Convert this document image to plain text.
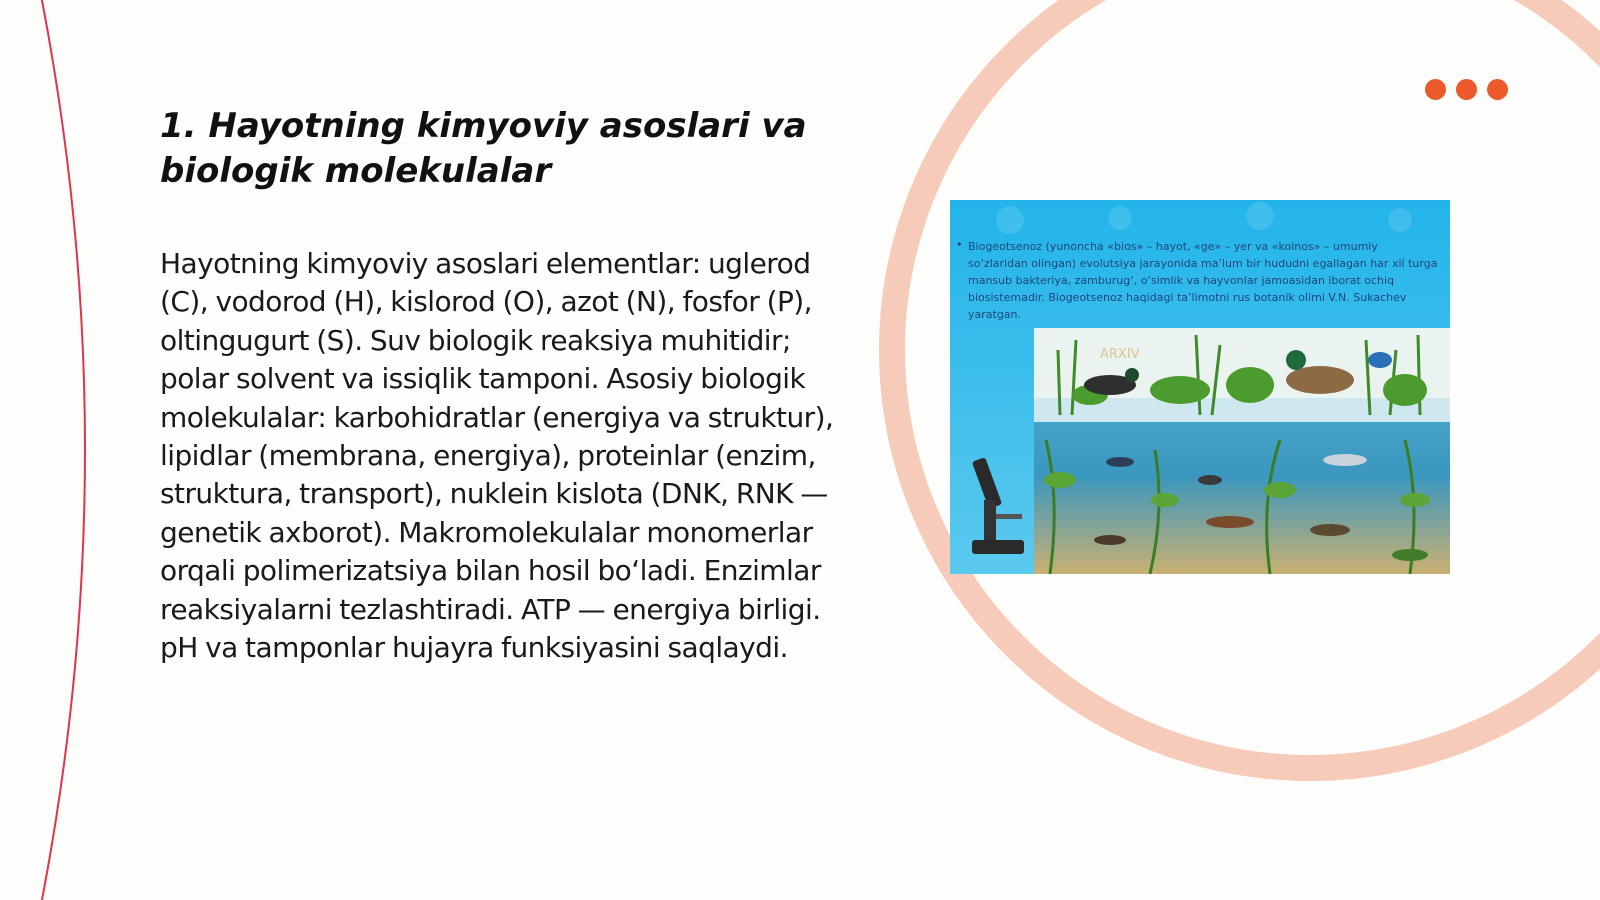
1. Hayotning kimyoviy asoslari va biologik molekulalar

Hayotning kimyoviy asoslari elementlar: uglerod (C), vodorod (H), kislorod (O), azot (N), fosfor (P), oltingugurt (S). Suv biologik reaksiya muhitidir; polar solvent va issiqlik tamponi. Asosiy biologik molekulalar: karbohidratlar (energiya va struktur), lipidlar (membrana, energiya), proteinlar (enzim, struktura, transport), nuklein kislota (DNK, RNK — genetik axborot). Makromolekulalar monomerlar orqali polimerizatsiya bilan hosil bo‘ladi. Enzimlar reaksiyalarni tezlashtiradi. ATP — energiya birligi. pH va tamponlar hujayra funksiyasini saqlaydi.

ARXIV
• Biogeotsenoz (yunoncha «bios» – hayot, «ge» – yer va «koinos» – umumiy so‘zlaridan olingan) evolutsiya jarayonida ma’lum bir hududni egallagan har xil turga mansub bakteriya, zamburug‘, o‘simlik va hayvonlar jamoasidan iborat ochiq biosistemadir. Biogeotsenoz haqidagi ta’limotni rus botanik olimi V.N. Sukachev yaratgan.
